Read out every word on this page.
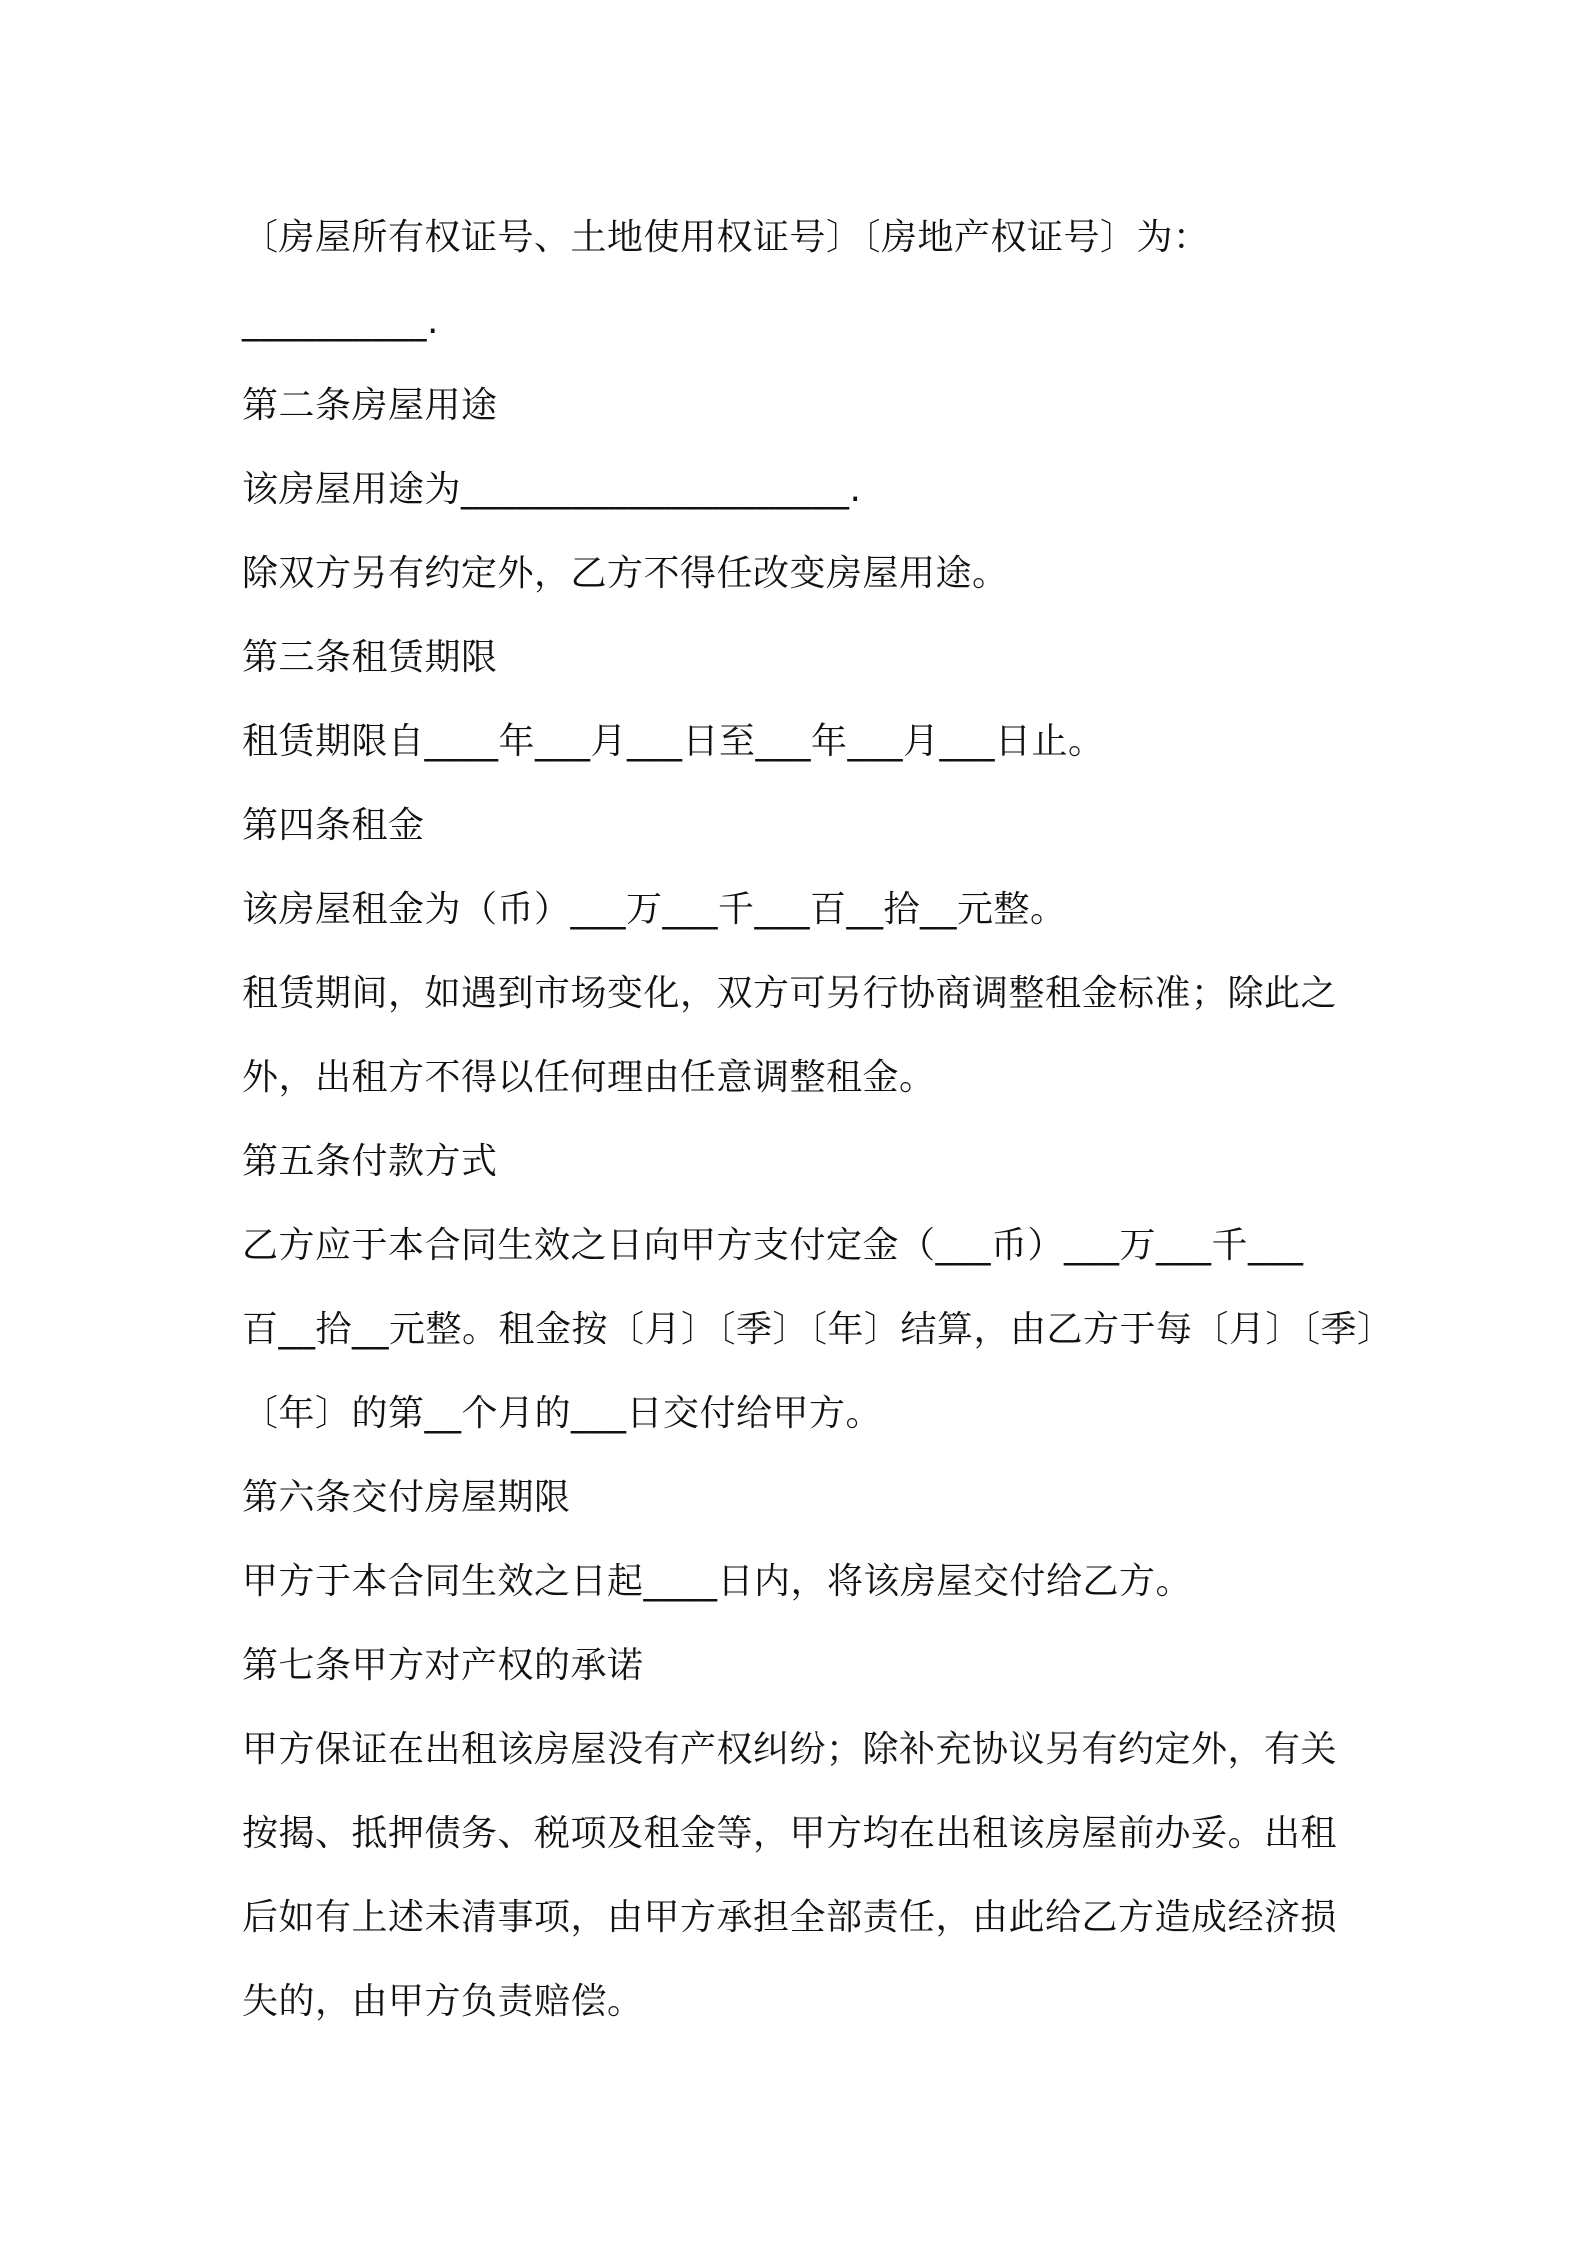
〔房屋所有权证号、土地使用权证号〕〔房地产权证号〕为：
__________.
第二条房屋用途
该房屋用途为_____________________.
除双方另有约定外，乙方不得任改变房屋用途。
第三条租赁期限
租赁期限自____年___月___日至___年___月___日止。
第四条租金
该房屋租金为（币）___万___千___百__拾__元整。
租赁期间，如遇到市场变化，双方可另行协商调整租金标准；除此之
外，出租方不得以任何理由任意调整租金。
第五条付款方式
乙方应于本合同生效之日向甲方支付定金（___币）___万___千___
百__拾__元整。租金按〔月〕〔季〕〔年〕结算，由乙方于每〔月〕〔季〕
〔年〕的第__个月的___日交付给甲方。
第六条交付房屋期限
甲方于本合同生效之日起____日内，将该房屋交付给乙方。
第七条甲方对产权的承诺
甲方保证在出租该房屋没有产权纠纷；除补充协议另有约定外，有关
按揭、抵押债务、税项及租金等，甲方均在出租该房屋前办妥。出租
后如有上述未清事项，由甲方承担全部责任，由此给乙方造成经济损
失的，由甲方负责赔偿。
